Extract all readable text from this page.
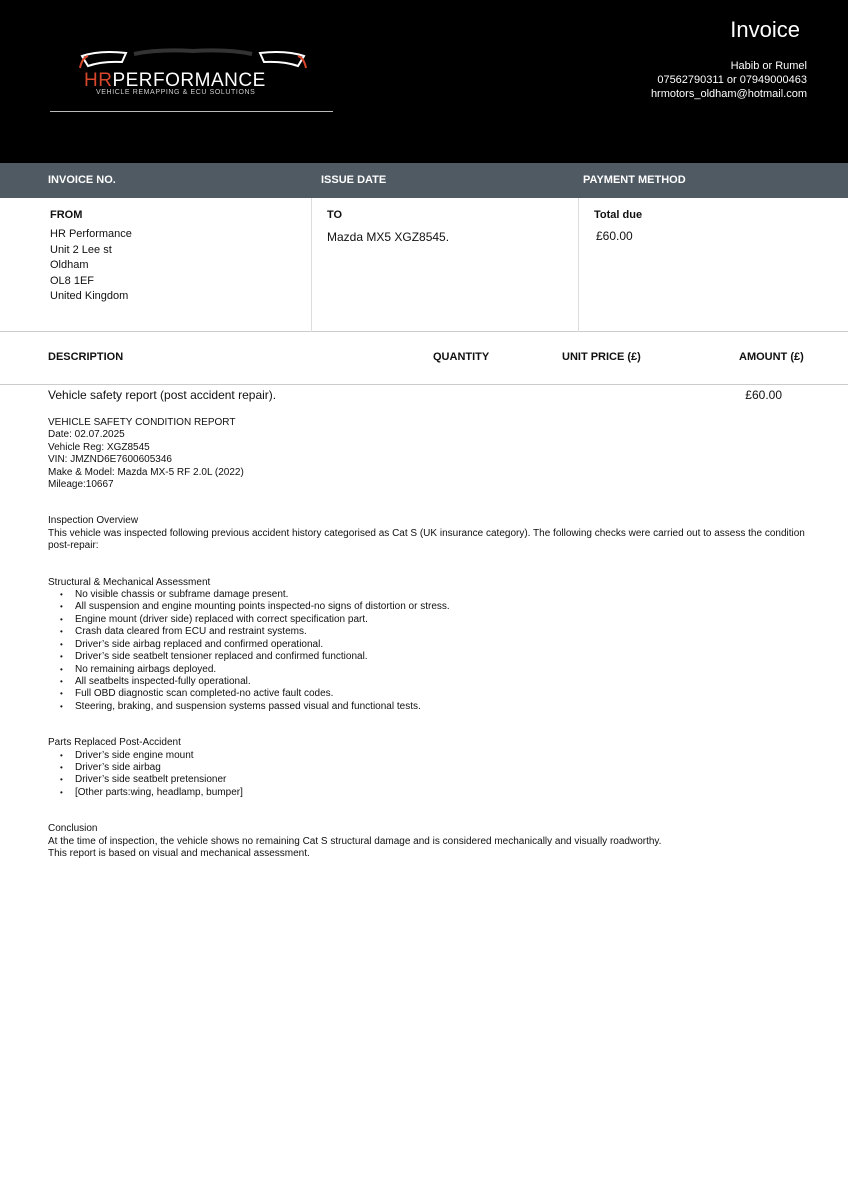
HRPERFORMANCE
VEHICLE REMAPPING & ECU SOLUTIONS
Invoice
Habib or Rumel
07562790311 or 07949000463
hrmotors_oldham@hotmail.com
INVOICE NO.	ISSUE DATE	PAYMENT METHOD
FROM
HR Performance
Unit 2 Lee st
Oldham
OL8 1EF
United Kingdom
TO
Mazda MX5 XGZ8545.
Total due
£60.00
DESCRIPTION	QUANTITY	UNIT PRICE (£)	AMOUNT (£)
Vehicle safety report (post accident repair).	£60.00
VEHICLE SAFETY CONDITION REPORT
Date: 02.07.2025
Vehicle Reg: XGZ8545
VIN: JMZND6E7600605346
Make & Model: Mazda MX-5 RF 2.0L (2022)
Mileage:10667
Inspection Overview
This vehicle was inspected following previous accident history categorised as Cat S (UK insurance category). The following checks were carried out to assess the condition post-repair:
Structural & Mechanical Assessment
• No visible chassis or subframe damage present.
• All suspension and engine mounting points inspected-no signs of distortion or stress.
• Engine mount (driver side) replaced with correct specification part.
• Crash data cleared from ECU and restraint systems.
• Driver’s side airbag replaced and confirmed operational.
• Driver’s side seatbelt tensioner replaced and confirmed functional.
• No remaining airbags deployed.
• All seatbelts inspected-fully operational.
• Full OBD diagnostic scan completed-no active fault codes.
• Steering, braking, and suspension systems passed visual and functional tests.
Parts Replaced Post-Accident
• Driver’s side engine mount
• Driver’s side airbag
• Driver’s side seatbelt pretensioner
• [Other parts:wing, headlamp, bumper]
Conclusion
At the time of inspection, the vehicle shows no remaining Cat S structural damage and is considered mechanically and visually roadworthy.
This report is based on visual and mechanical assessment.
